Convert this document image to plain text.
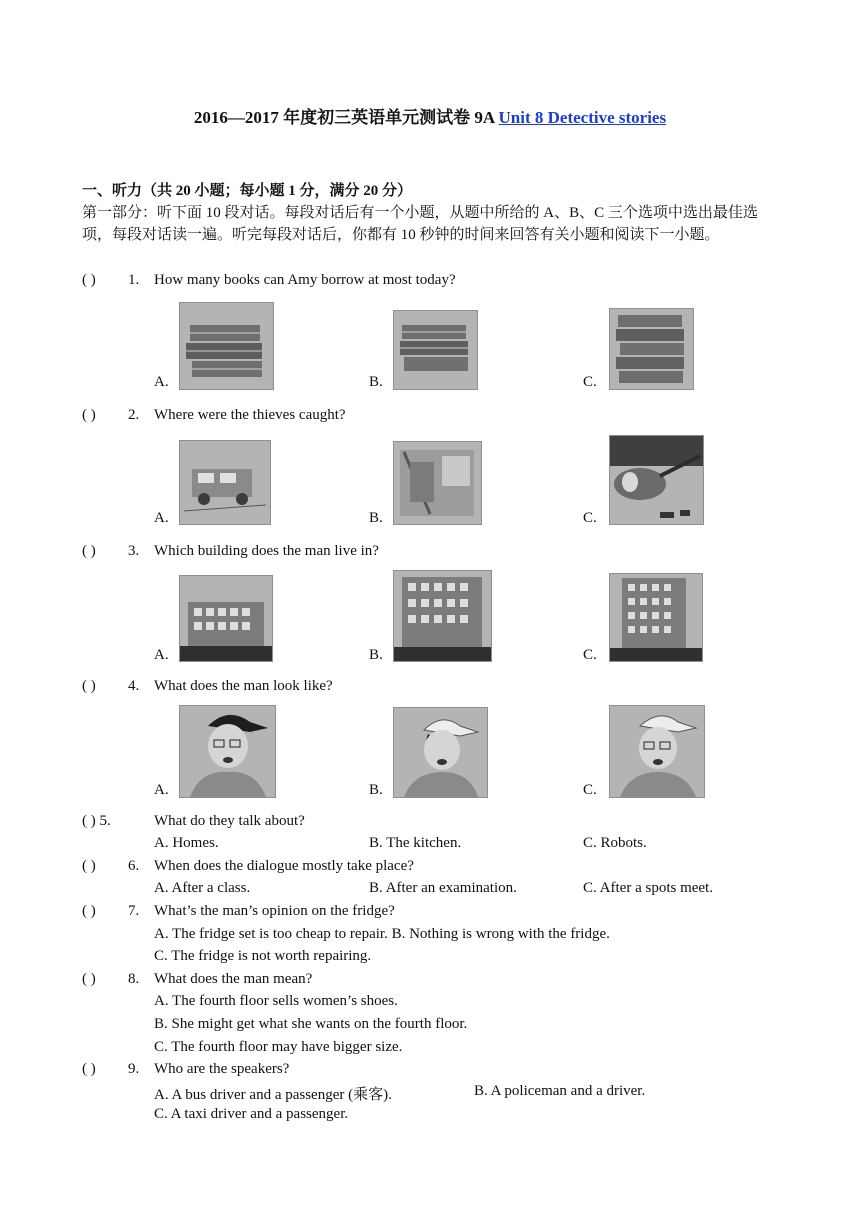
2016—2017 年度初三英语单元测试卷 9A Unit 8 Detective stories
一、听力（共 20 小题；每小题 1 分，满分 20 分）
第一部分：听下面 10 段对话。每段对话后有一个小题，从题中所给的 A、B、C 三个选项中选出最佳选项，每段对话读一遍。听完每段对话后，你都有 10 秒钟的时间来回答有关小题和阅读下一小题。
( ) 1. How many books can Amy borrow at most today?
A.	B.	C.
( ) 2. Where were the thieves caught?
A.	B.	C.
( ) 3. Which building does the man live in?
A.	B.	C.
( ) 4. What does the man look like?
A.	B.	C.
( ) 5.	What do they talk about?
A. Homes.	B. The kitchen.	C. Robots.
( ) 6. When does the dialogue mostly take place?
A. After a class.	B. After an examination.	C. After a spots meet.
( ) 7. What’s the man’s opinion on the fridge?
A. The fridge set is too cheap to repair. B. Nothing is wrong with the fridge.
C. The fridge is not worth repairing.
( ) 8. What does the man mean?
A. The fourth floor sells women’s shoes.
B. She might get what she wants on the fourth floor.
C. The fourth floor may have bigger size.
( ) 9. Who are the speakers?
A. A bus driver and a passenger (乘客).	B. A policeman and a driver.
C. A taxi driver and a passenger.
